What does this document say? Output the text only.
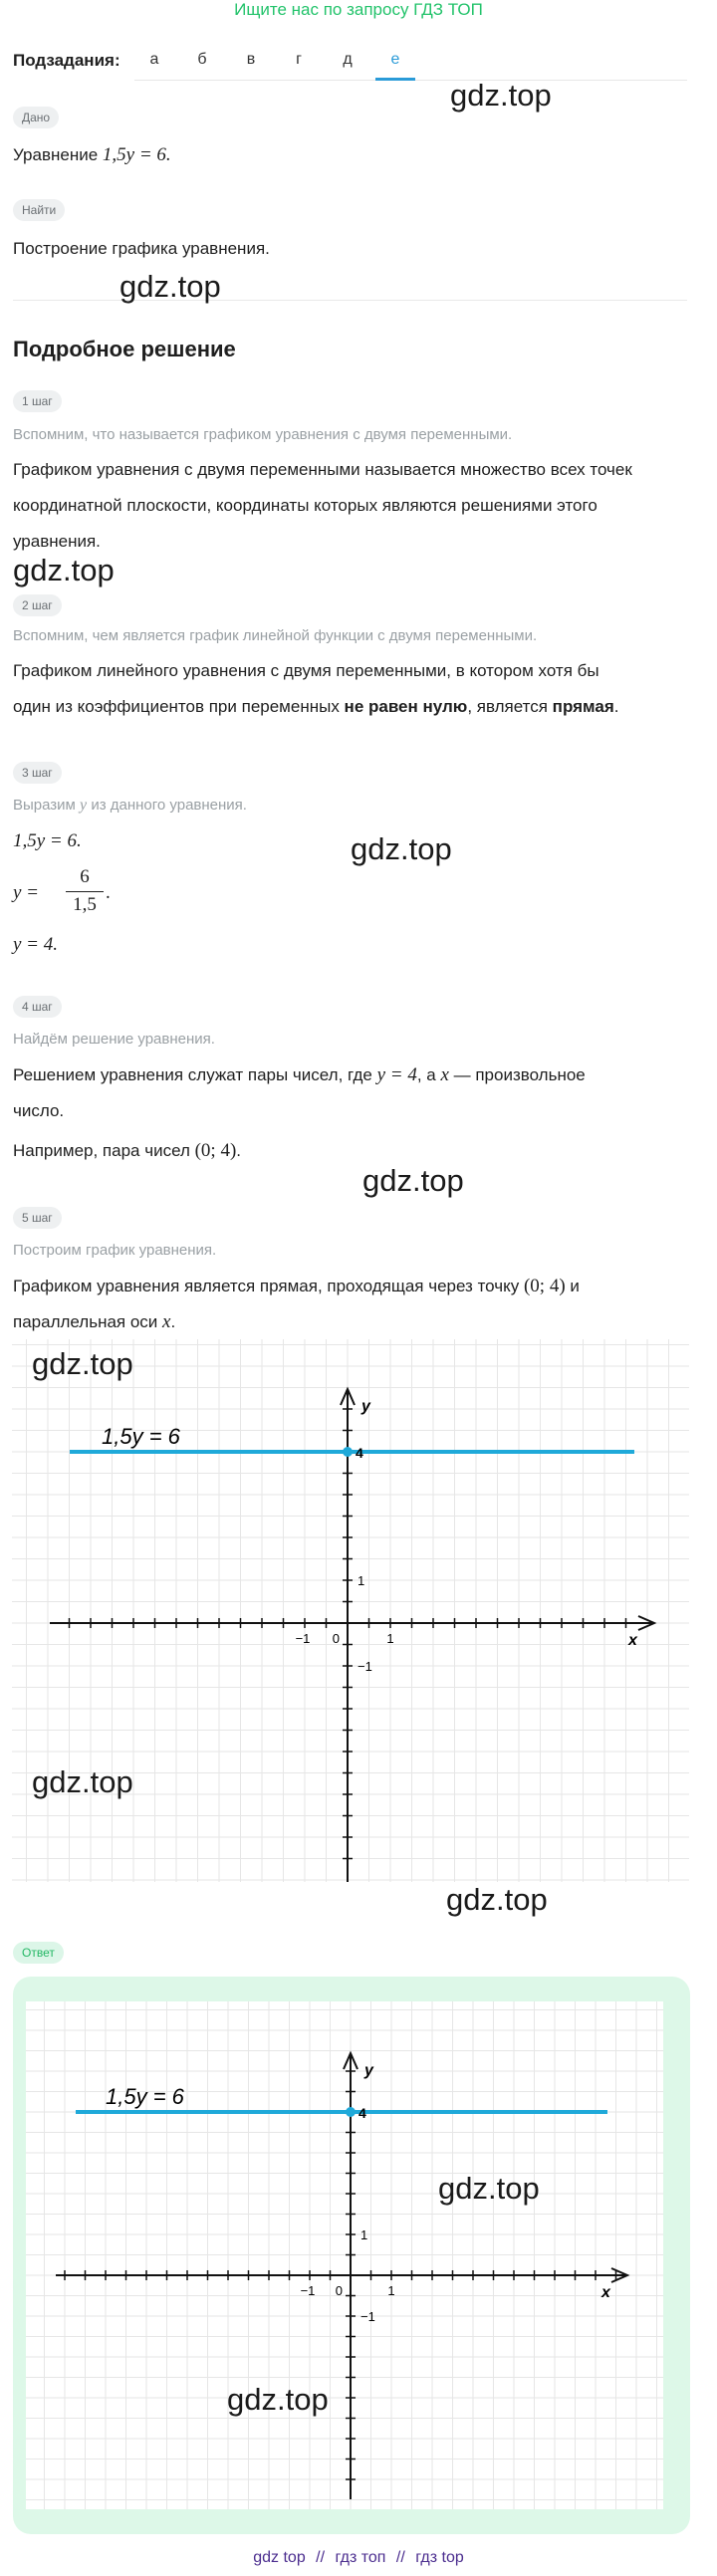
Ищите нас по запросу ГДЗ ТОП
Подзадания:	а	б	в	г	д	е
Дано
Уравнение 1,5y = 6.
Найти
Построение графика уравнения.
Подробное решение
1 шаг
Вспомним, что называется графиком уравнения с двумя переменными.
Графиком уравнения с двумя переменными называется множество всех точек
координатной плоскости, координаты которых являются решениями этого
уравнения.
2 шаг
Вспомним, чем является график линейной функции с двумя переменными.
Графиком линейного уравнения с двумя переменными, в котором хотя бы
один из коэффициентов при переменных не равен нулю, является прямая.
3 шаг
Выразим y из данного уравнения.
1,5y = 6.
y =
6
1,5
.
y = 4.
4 шаг
Найдём решение уравнения.
Решением уравнения служат пары чисел, где y = 4, а x — произвольное
число.
Например, пара чисел (0; 4).
5 шаг
Построим график уравнения.
Графиком уравнения является прямая, проходящая через точку (0; 4) и
параллельная оси x.
0	1
−1
1
−1
x
y
4
1,5y = 6
Ответ
0	1
−1
1
−1
x
y
4
1,5y = 6
gdz.top
gdz.top
gdz.top
gdz.top
gdz.top
gdz.top
gdz.top
gdz.top
gdz.top
gdz.top
gdz top // гдз топ // гдз top
